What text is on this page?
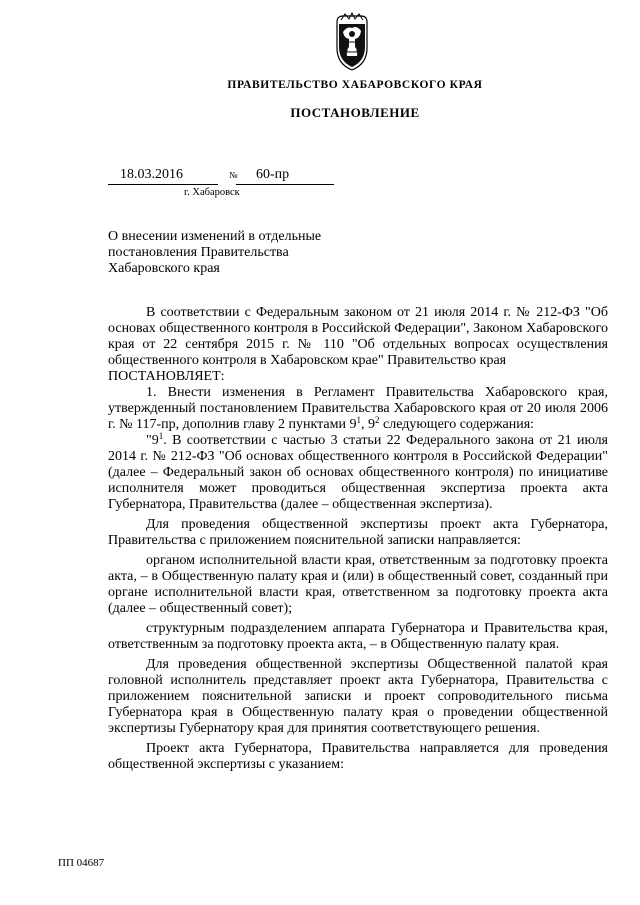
ПРАВИТЕЛЬСТВО ХАБАРОВСКОГО КРАЯ
ПОСТАНОВЛЕНИЕ
18.03.2016	№ 60-пр
г. Хабаровск

О внесении изменений в отдельные постановления Правительства Хабаровского края

В соответствии с Федеральным законом от 21 июля 2014 г. № 212-ФЗ "Об основах общественного контроля в Российской Федерации", Законом Хабаровского края от 22 сентября 2015 г. № 110 "Об отдельных вопросах осуществления общественного контроля в Хабаровском крае" Правительство края

ПОСТАНОВЛЯЕТ:

1. Внести изменения в Регламент Правительства Хабаровского края, утвержденный постановлением Правительства Хабаровского края от 20 июля 2006 г. № 117-пр, дополнив главу 2 пунктами $9^1$, $9^2$ следующего содержания:

"$9^1$. В соответствии с частью 3 статьи 22 Федерального закона от 21 июля 2014 г. № 212-ФЗ "Об основах общественного контроля в Российской Федерации" (далее – Федеральный закон об основах общественного контроля) по инициативе исполнителя может проводиться общественная экспертиза проекта акта Губернатора, Правительства (далее – общественная экспертиза).

Для проведения общественной экспертизы проект акта Губернатора, Правительства с приложением пояснительной записки направляется:

органом исполнительной власти края, ответственным за подготовку проекта акта, – в Общественную палату края и (или) в общественный совет, созданный при органе исполнительной власти края, ответственном за подготовку проекта акта (далее – общественный совет);

структурным подразделением аппарата Губернатора и Правительства края, ответственным за подготовку проекта акта, – в Общественную палату края.

Для проведения общественной экспертизы Общественной палатой края головной исполнитель представляет проект акта Губернатора, Правительства с приложением пояснительной записки и проект сопроводительного письма Губернатора края в Общественную палату края о проведении общественной экспертизы Губернатору края для принятия соответствующего решения.

Проект акта Губернатора, Правительства направляется для проведения общественной экспертизы с указанием:

ПП 04687
